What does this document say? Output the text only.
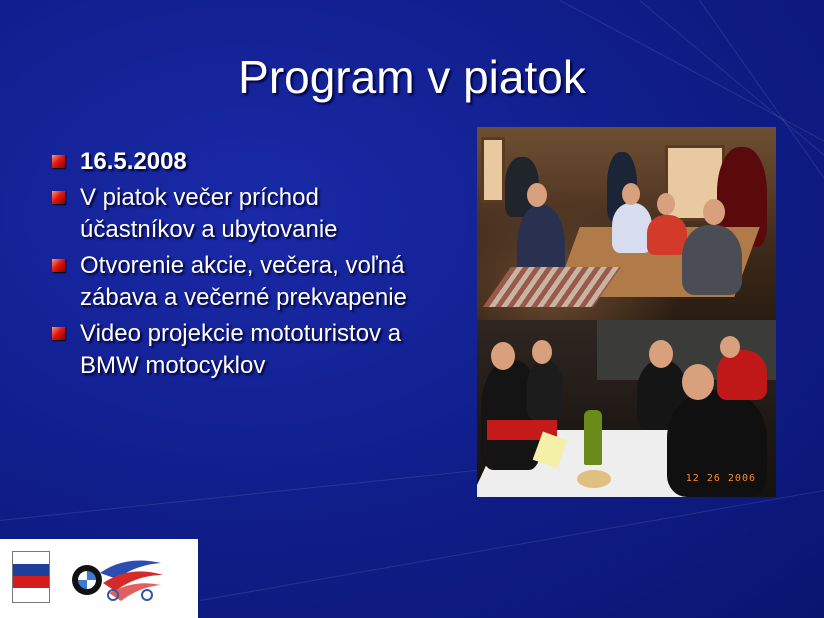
Program v piatok
16.5.2008
V piatok večer príchod účastníkov a ubytovanie
Otvorenie akcie, večera, voľná zábava a večerné prekvapenie
Video projekcie mototuristov a BMW motocyklov
12 26 2006
